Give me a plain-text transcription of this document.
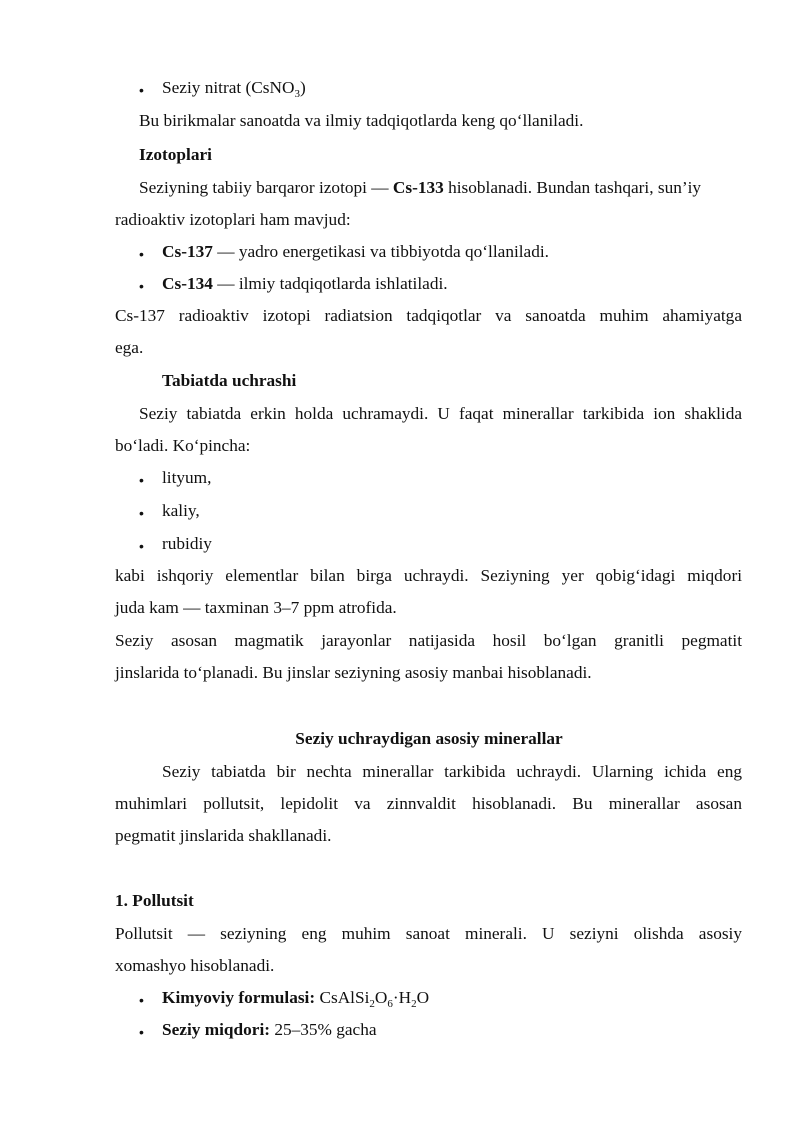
• Seziy nitrat (CsNO$_3$)
Bu birikmalar sanoatda va ilmiy tadqiqotlarda keng qo‘llaniladi.
Izotoplari
Seziyning tabiiy barqaror izotopi — Cs-133 hisoblanadi. Bundan tashqari, sun’iy
radioaktiv izotoplari ham mavjud:
• Cs-137 — yadro energetikasi va tibbiyotda qo‘llaniladi.
• Cs-134 — ilmiy tadqiqotlarda ishlatiladi.
Cs-137 radioaktiv izotopi radiatsion tadqiqotlar va sanoatda muhim ahamiyatga
ega.
Tabiatda uchrashi
Seziy tabiatda erkin holda uchramaydi. U faqat minerallar tarkibida ion shaklida
bo‘ladi. Ko‘pincha:
• lityum,
• kaliy,
• rubidiy
kabi ishqoriy elementlar bilan birga uchraydi. Seziyning yer qobig‘idagi miqdori
juda kam — taxminan 3–7 ppm atrofida.
Seziy asosan magmatik jarayonlar natijasida hosil bo‘lgan granitli pegmatit
jinslarida to‘planadi. Bu jinslar seziyning asosiy manbai hisoblanadi.
Seziy uchraydigan asosiy minerallar
Seziy tabiatda bir nechta minerallar tarkibida uchraydi. Ularning ichida eng
muhimlari pollutsit, lepidolit va zinnvaldit hisoblanadi. Bu minerallar asosan
pegmatit jinslarida shakllanadi.
1. Pollutsit
Pollutsit — seziyning eng muhim sanoat minerali. U seziyni olishda asosiy
xomashyo hisoblanadi.
• Kimyoviy formulasi: $CsAlSi_2O_6\cdot H_2O$
• Seziy miqdori: 25–35% gacha
